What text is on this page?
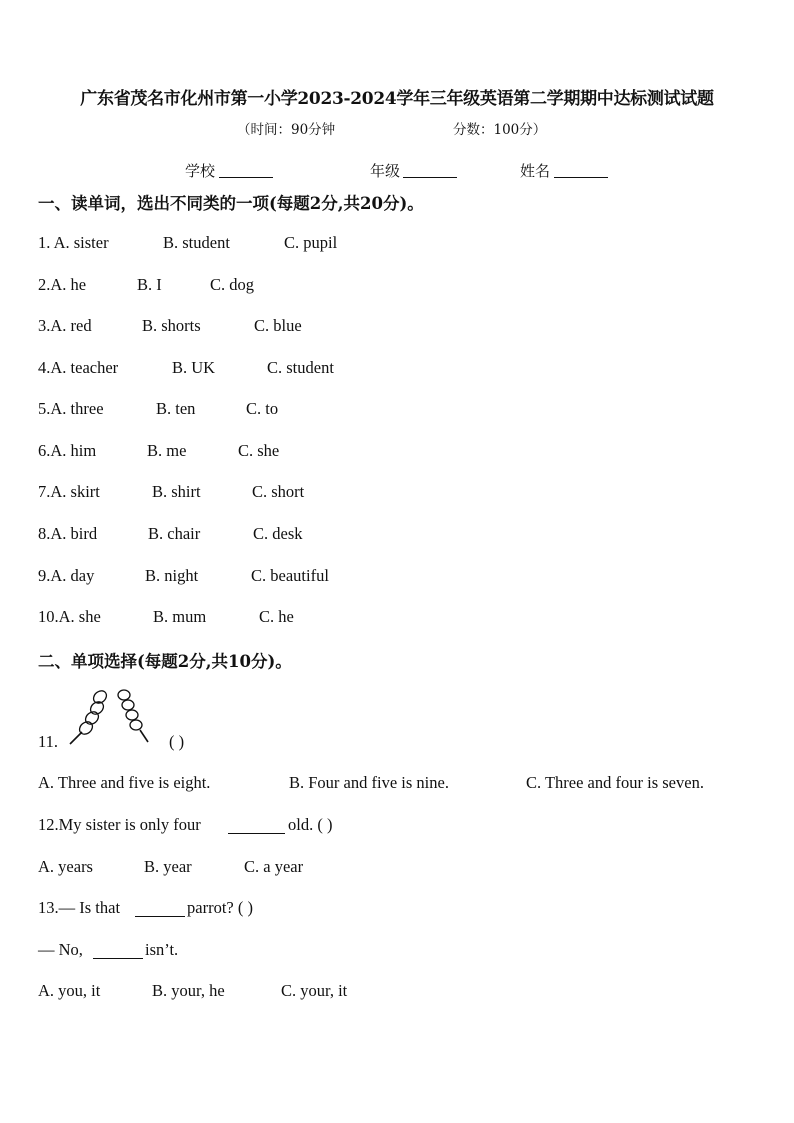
广东省茂名市化州市第一小学2023-2024学年三年级英语第二学期期中达标测试试题
（时间：90分钟	分数：100分）
学校	年级	姓名
一、读单词，选出不同类的一项(每题2分,共20分)。
1. A. sister	B. student	C. pupil
2.A. he	B. I	C. dog
3.A. red	B. shorts	C. blue
4.A. teacher	B. UK	C. student
5.A. three	B. ten	C. to
6.A. him	B. me	C. she
7.A. skirt	B. shirt	C. short
8.A. bird	B. chair	C. desk
9.A. day	B. night	C. beautiful
10.A. she	B. mum	C. he
二、单项选择(每题2分,共10分)。
11.	( )
A. Three and five is eight.	B. Four and five is nine.	C. Three and four is seven.
12.My sister is only four	old. ( )
A. years	B. year	C. a year
13.— Is that	parrot? ( )
— No,	isn’t.
A. you, it	B. your, he	C. your, it
